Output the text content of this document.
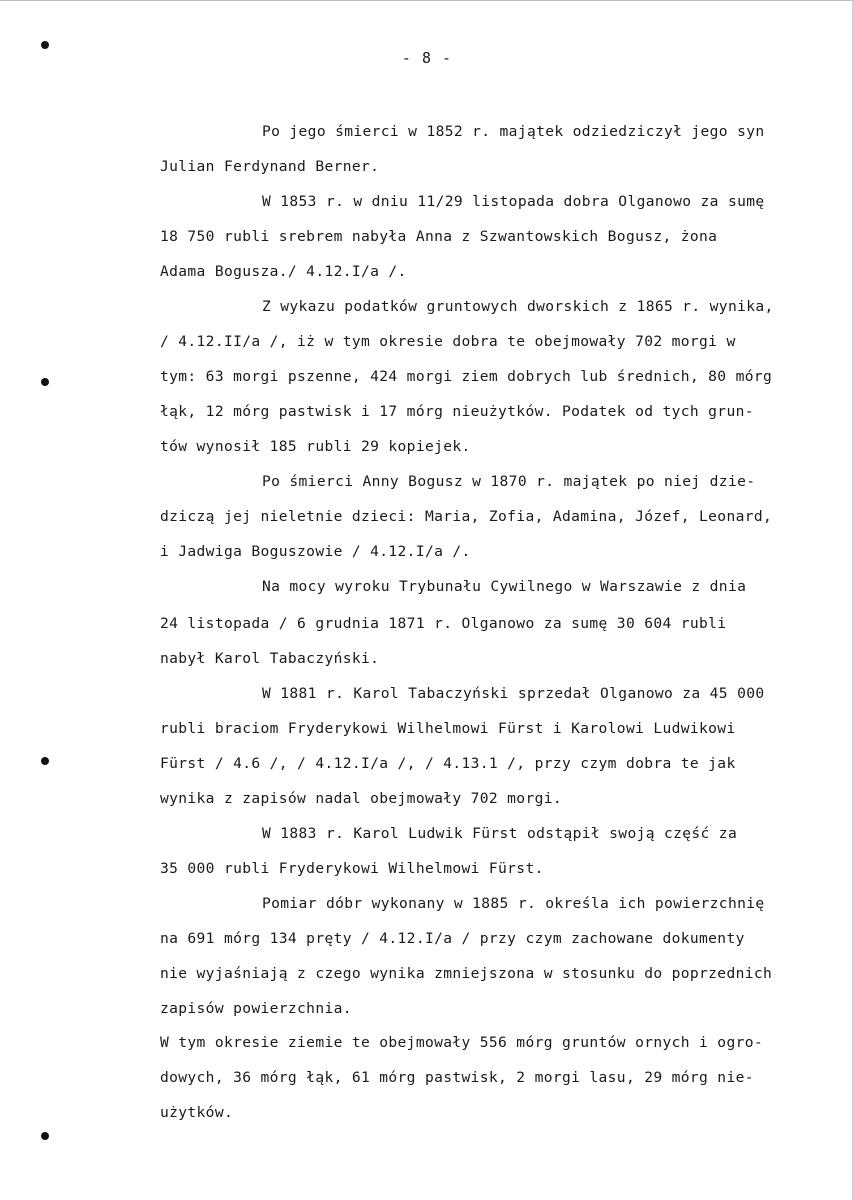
- 8 -
Po jego śmierci w 1852 r. majątek odziedziczył jego syn
Julian Ferdynand Berner.
W 1853 r. w dniu 11/29 listopada dobra Olganowo za sumę
18 750 rubli srebrem nabyła Anna z Szwantowskich Bogusz, żona
Adama Bogusza./ 4.12.I/a /.
Z wykazu podatków gruntowych dworskich z 1865 r. wynika,
/ 4.12.II/a /, iż w tym okresie dobra te obejmowały 702 morgi w
tym: 63 morgi pszenne, 424 morgi ziem dobrych lub średnich, 80 mórg
łąk, 12 mórg pastwisk i 17 mórg nieużytków. Podatek od tych grun-
tów wynosił 185 rubli 29 kopiejek.
Po śmierci Anny Bogusz w 1870 r. majątek po niej dzie-
dziczą jej nieletnie dzieci: Maria, Zofia, Adamina, Józef, Leonard,
i Jadwiga Boguszowie / 4.12.I/a /.
Na mocy wyroku Trybunału Cywilnego w Warszawie z dnia
24 listopada / 6 grudnia 1871 r. Olganowo za sumę 30 604 rubli
nabył Karol Tabaczyński.
W 1881 r. Karol Tabaczyński sprzedał Olganowo za 45 000
rubli braciom Fryderykowi Wilhelmowi Fürst i Karolowi Ludwikowi
Fürst / 4.6 /, / 4.12.I/a /, / 4.13.1 /, przy czym dobra te jak
wynika z zapisów nadal obejmowały 702 morgi.
W 1883 r. Karol Ludwik Fürst odstąpił swoją część za
35 000 rubli Fryderykowi Wilhelmowi Fürst.
Pomiar dóbr wykonany w 1885 r. określa ich powierzchnię
na 691 mórg 134 pręty / 4.12.I/a / przy czym zachowane dokumenty
nie wyjaśniają z czego wynika zmniejszona w stosunku do poprzednich
zapisów powierzchnia.
W tym okresie ziemie te obejmowały 556 mórg gruntów ornych i ogro-
dowych, 36 mórg łąk, 61 mórg pastwisk, 2 morgi lasu, 29 mórg nie-
użytków.
